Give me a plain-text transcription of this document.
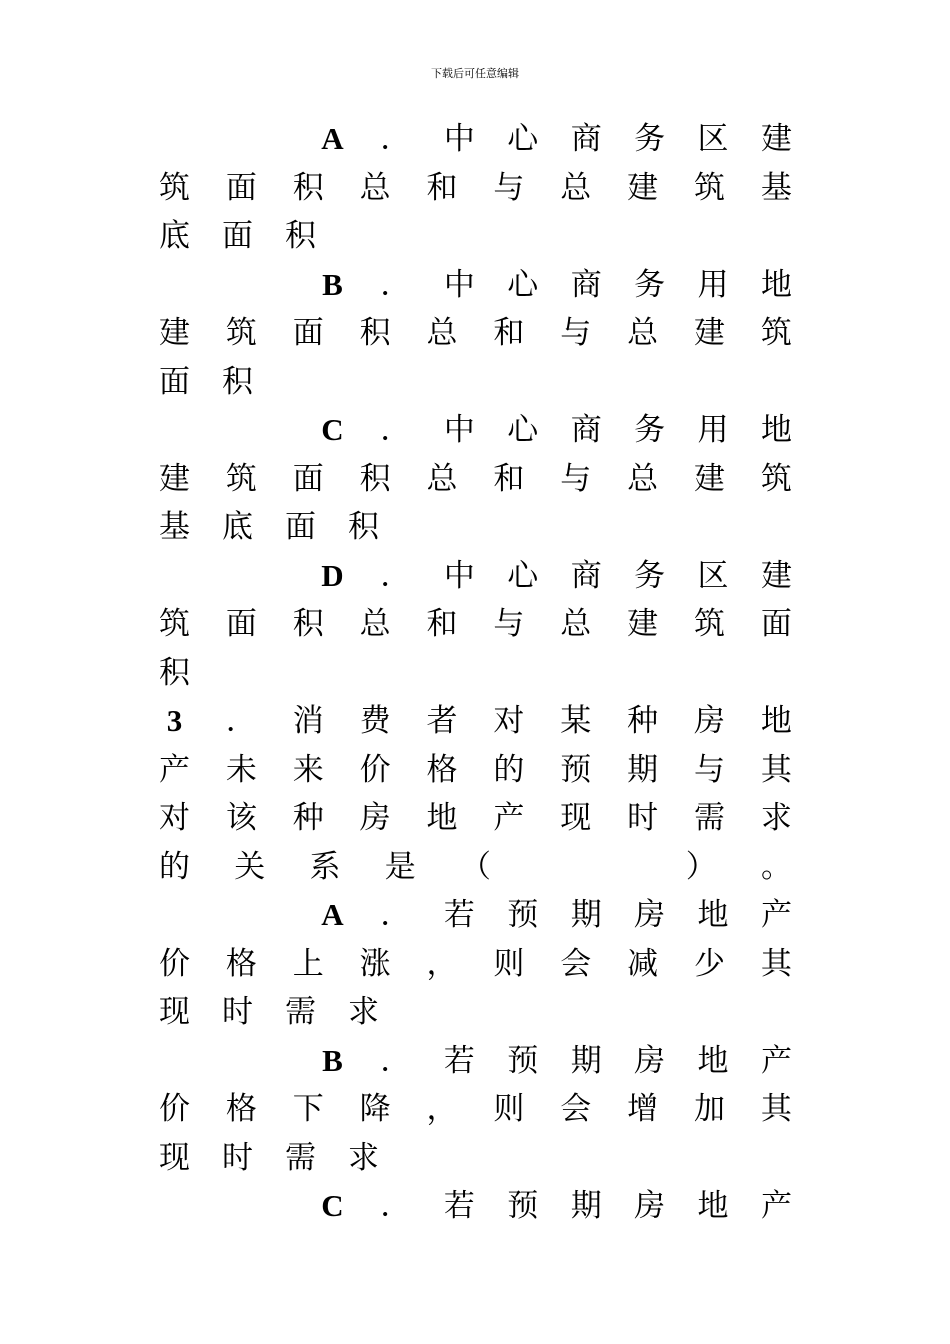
下载后可任意编辑
A ． 中 心 商 务 区 建
筑 面 积 总 和 与 总 建 筑 基
底 面 积
B ． 中 心 商 务 用 地
建 筑 面 积 总 和 与 总 建 筑
面 积
C ． 中 心 商 务 用 地
建 筑 面 积 总 和 与 总 建 筑
基 底 面 积
D ． 中 心 商 务 区 建
筑 面 积 总 和 与 总 建 筑 面
积
3 ． 消 费 者 对 某 种 房 地
产 未 来 价 格 的 预 期 与 其
对 该 种 房 地 产 现 时 需 求
的 关 系 是 （

	） 。
A ． 若 预 期 房 地 产
价 格 上 涨 ， 则 会 减 少 其
现 时 需 求
B ． 若 预 期 房 地 产
价 格 下 降 ， 则 会 增 加 其
现 时 需 求
C ． 若 预 期 房 地 产
